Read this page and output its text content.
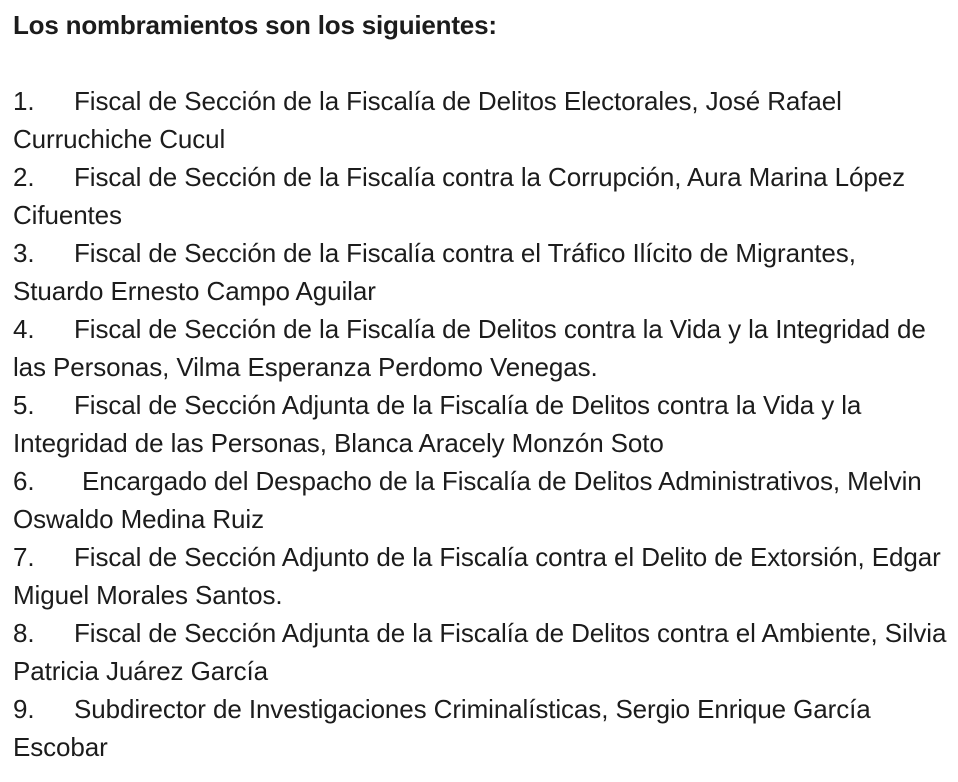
Los nombramientos son los siguientes:

1. Fiscal de Sección de la Fiscalía de Delitos Electorales, José Rafael Curruchiche Cucul

2. Fiscal de Sección de la Fiscalía contra la Corrupción, Aura Marina López Cifuentes

3. Fiscal de Sección de la Fiscalía contra el Tráfico Ilícito de Migrantes, Stuardo Ernesto Campo Aguilar

4. Fiscal de Sección de la Fiscalía de Delitos contra la Vida y la Integridad de las Personas, Vilma Esperanza Perdomo Venegas.

5. Fiscal de Sección Adjunta de la Fiscalía de Delitos contra la Vida y la Integridad de las Personas, Blanca Aracely Monzón Soto

6. Encargado del Despacho de la Fiscalía de Delitos Administrativos, Melvin Oswaldo Medina Ruiz

7. Fiscal de Sección Adjunto de la Fiscalía contra el Delito de Extorsión, Edgar Miguel Morales Santos.

8. Fiscal de Sección Adjunta de la Fiscalía de Delitos contra el Ambiente, Silvia Patricia Juárez García

9. Subdirector de Investigaciones Criminalísticas, Sergio Enrique García Escobar
